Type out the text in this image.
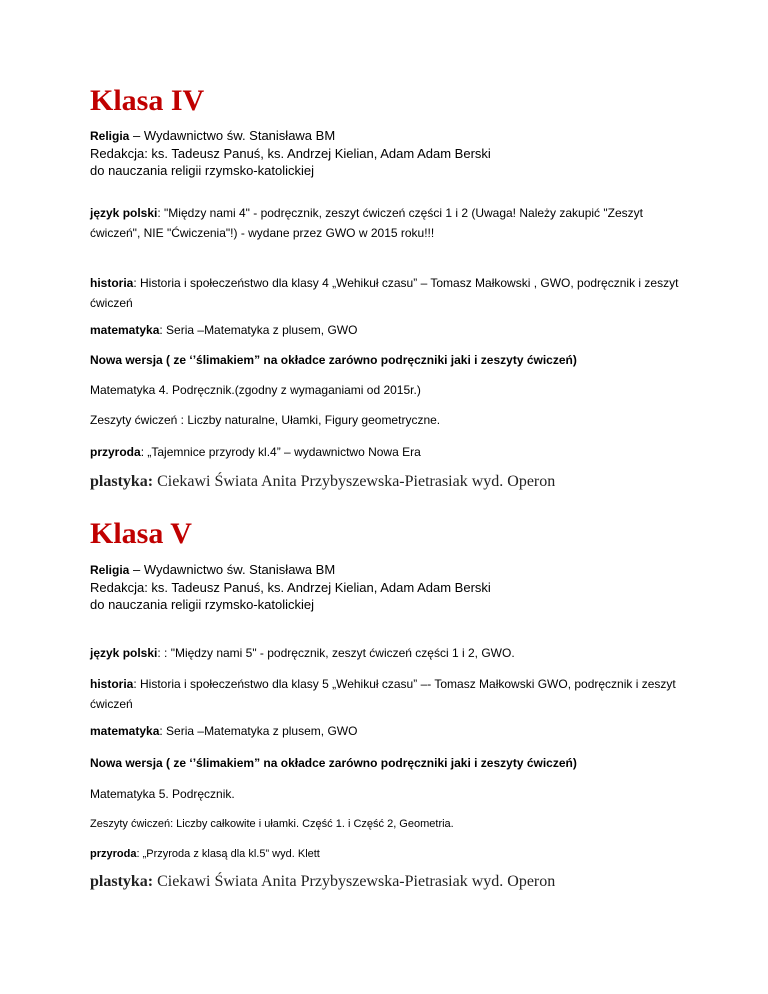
Klasa IV
Religia – Wydawnictwo św. Stanisława BM
Redakcja: ks. Tadeusz Panuś, ks. Andrzej Kielian, Adam Adam Berski
do nauczania religii rzymsko-katolickiej
język polski: "Między nami 4" - podręcznik, zeszyt ćwiczeń części 1 i 2 (Uwaga! Należy zakupić "Zeszyt ćwiczeń", NIE "Ćwiczenia"!) - wydane przez GWO w 2015 roku!!!
historia: Historia i społeczeństwo dla klasy 4 „Wehikuł czasu” – Tomasz Małkowski , GWO, podręcznik i zeszyt ćwiczeń
matematyka: Seria –Matematyka z plusem, GWO
Nowa wersja ( ze ‘’ślimakiem” na okładce zarówno podręczniki jaki i zeszyty ćwiczeń)
Matematyka 4. Podręcznik.(zgodny z wymaganiami od 2015r.)
Zeszyty ćwiczeń : Liczby naturalne, Ułamki, Figury geometryczne.
przyroda: „Tajemnice przyrody kl.4” – wydawnictwo Nowa Era
plastyka: Ciekawi Świata Anita Przybyszewska-Pietrasiak wyd. Operon
Klasa V
Religia – Wydawnictwo św. Stanisława BM
Redakcja: ks. Tadeusz Panuś, ks. Andrzej Kielian, Adam Adam Berski
do nauczania religii rzymsko-katolickiej
język polski: : "Między nami 5" - podręcznik, zeszyt ćwiczeń części 1 i 2, GWO.
historia: Historia i społeczeństwo dla klasy 5 „Wehikuł czasu” –- Tomasz Małkowski GWO, podręcznik i zeszyt ćwiczeń
matematyka: Seria –Matematyka z plusem, GWO
Nowa wersja ( ze ‘’ślimakiem” na okładce zarówno podręczniki jaki i zeszyty ćwiczeń)
Matematyka 5. Podręcznik.
Zeszyty ćwiczeń: Liczby całkowite i ułamki. Część 1. i Część 2, Geometria.
przyroda: „Przyroda z klasą dla kl.5” wyd. Klett
plastyka: Ciekawi Świata Anita Przybyszewska-Pietrasiak wyd. Operon
